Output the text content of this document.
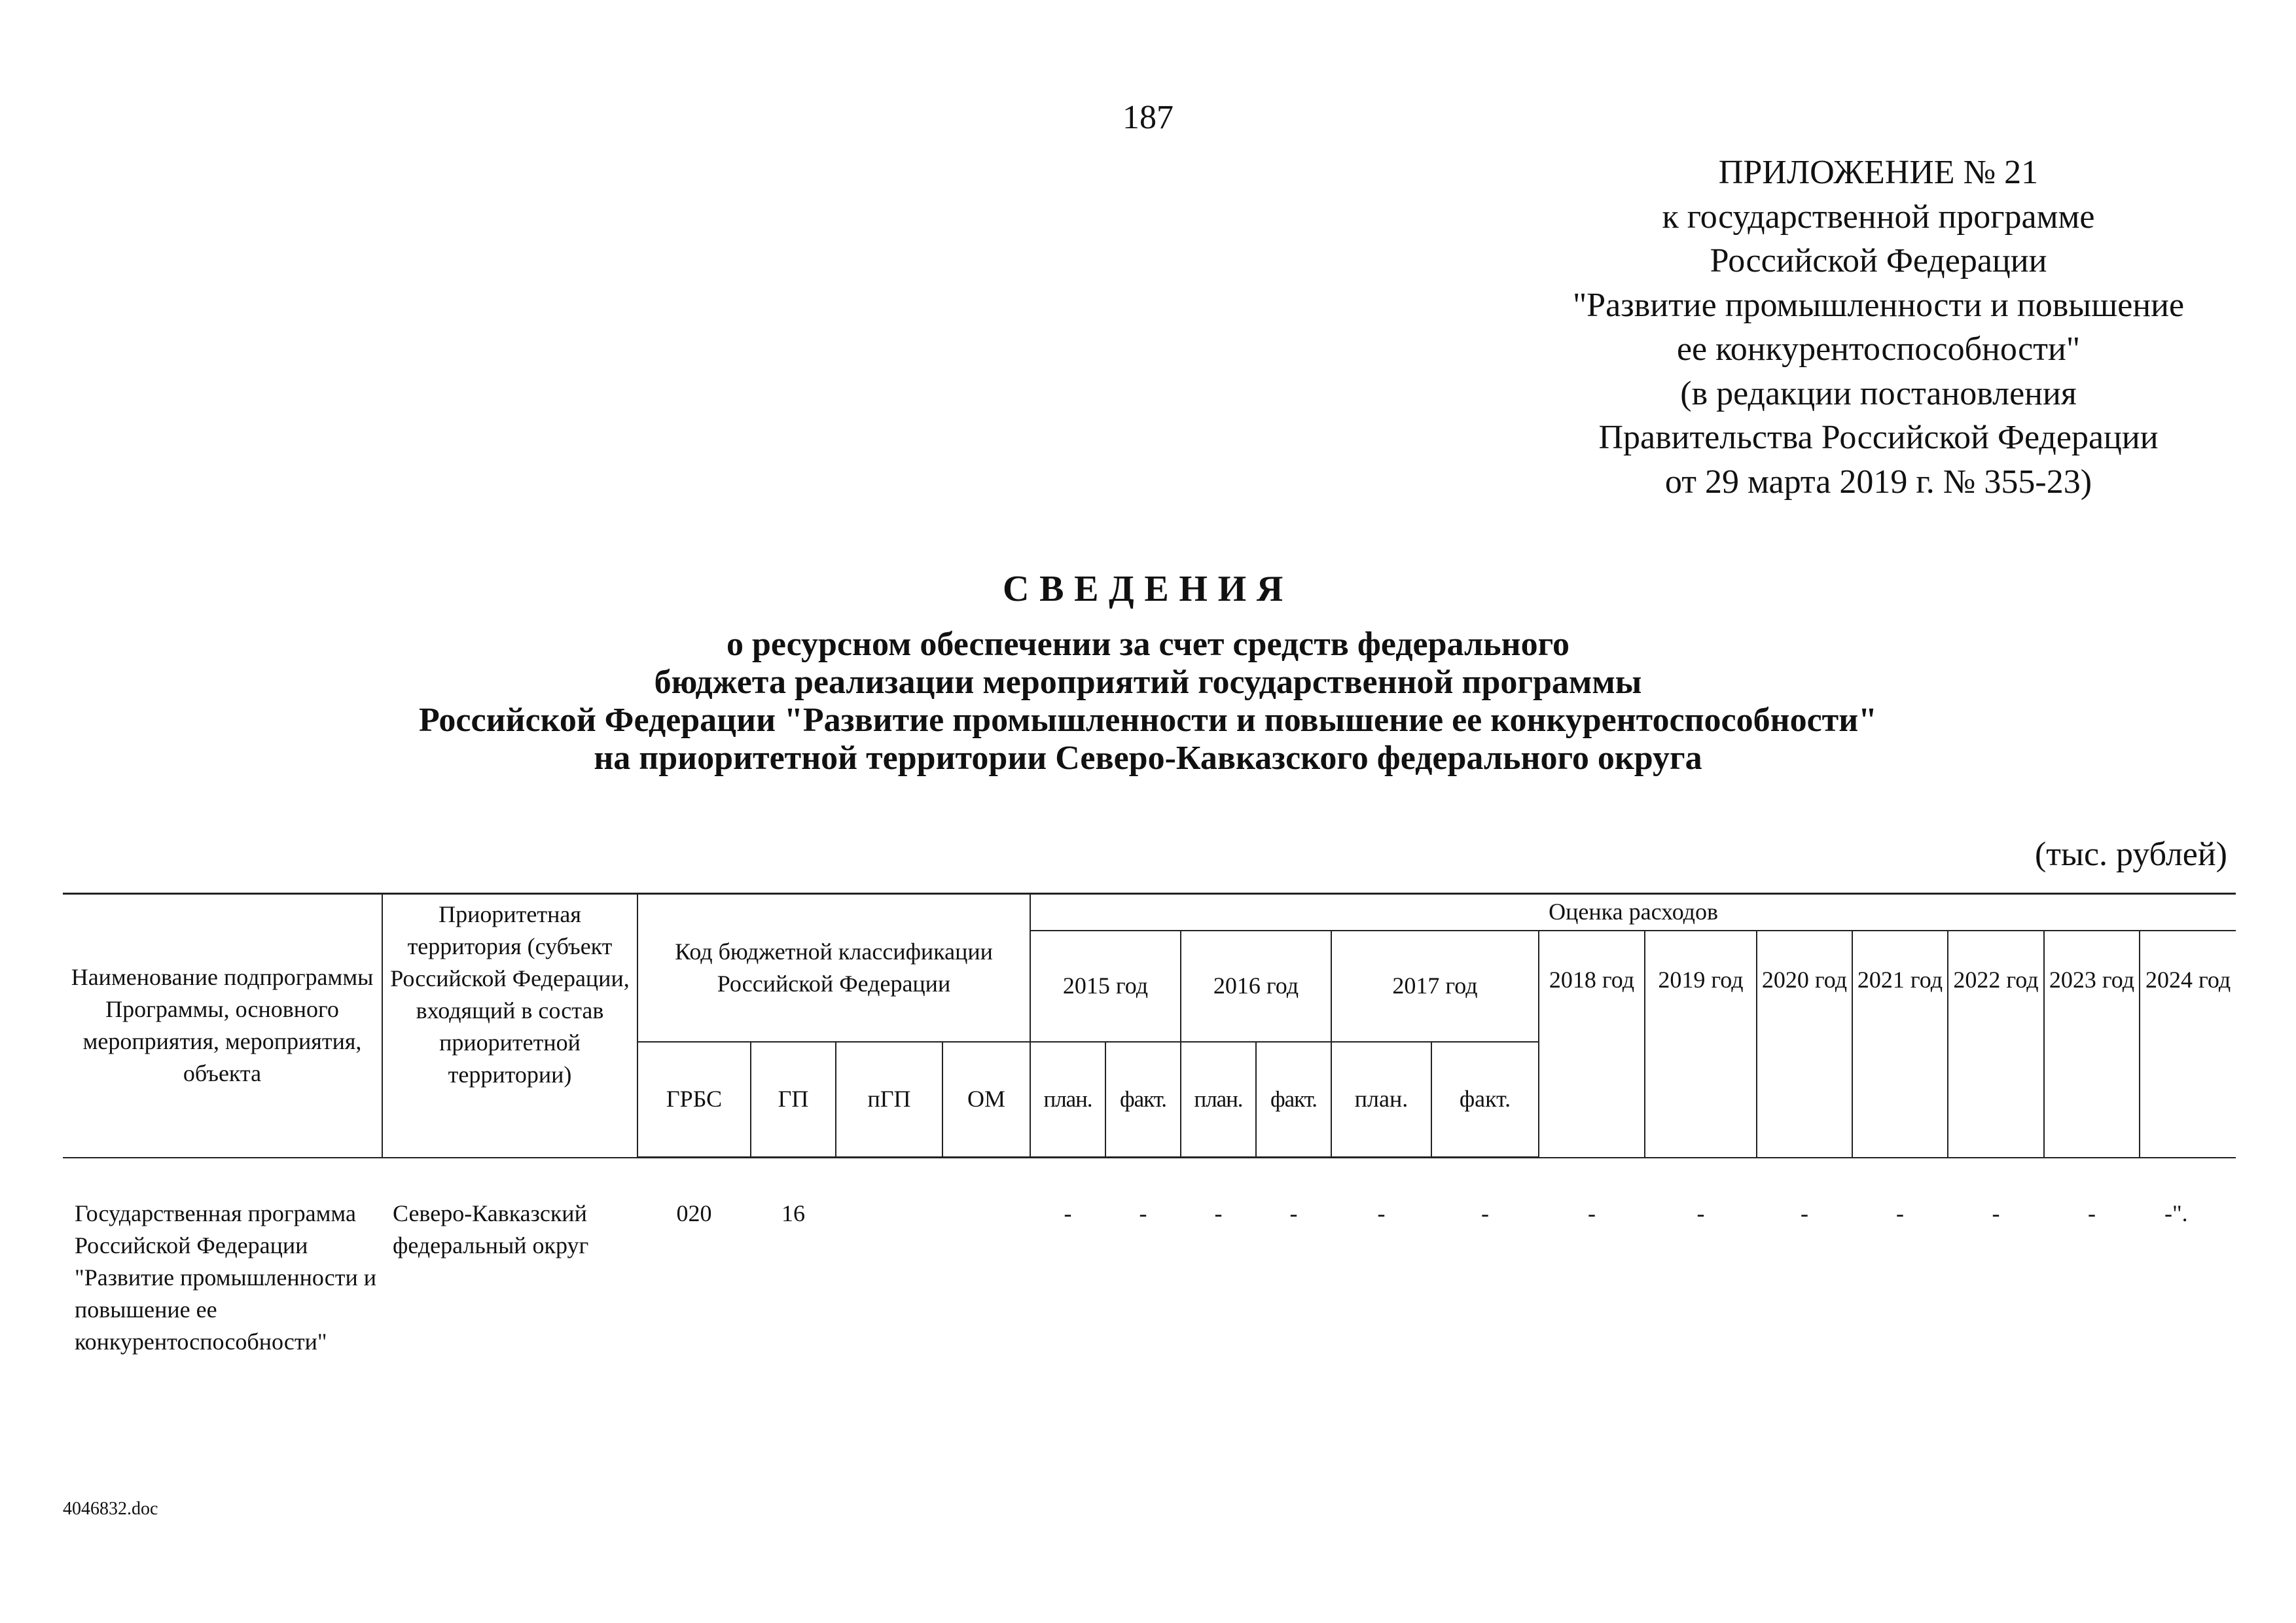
187
ПРИЛОЖЕНИЕ № 21
к государственной программе
Российской Федерации
"Развитие промышленности и повышение
ее конкурентоспособности"
(в редакции постановления
Правительства Российской Федерации
от 29 марта 2019 г. № 355-23)
СВЕДЕНИЯ
о ресурсном обеспечении за счет средств федерального
бюджета реализации мероприятий государственной программы
Российской Федерации "Развитие промышленности и повышение ее конкурентоспособности"
на приоритетной территории Северо-Кавказского федерального округа
(тыс. рублей)
Наименование подпрограммы Программы, основного мероприятия, мероприятия, объекта	Приоритетная территория (субъект Российской Федерации, входящий в состав приоритетной территории)	Код бюджетной классификации Российской Федерации				Оценка расходов												
						2015 год		2016 год		2017 год		2018 год	2019 год	2020 год	2021 год	2022 год	2023 год	2024 год
		ГРБС	ГП	пГП	ОМ	план.	факт.	план.	факт.	план.	факт.							
Государственная программа Российской Федерации "Развитие промышленности и повышение ее конкурентоспособности"	Северо-Кавказский федеральный округ	020	16			-	-	-	-	-	-	-	-	-	-	-	-	-".
4046832.doc
